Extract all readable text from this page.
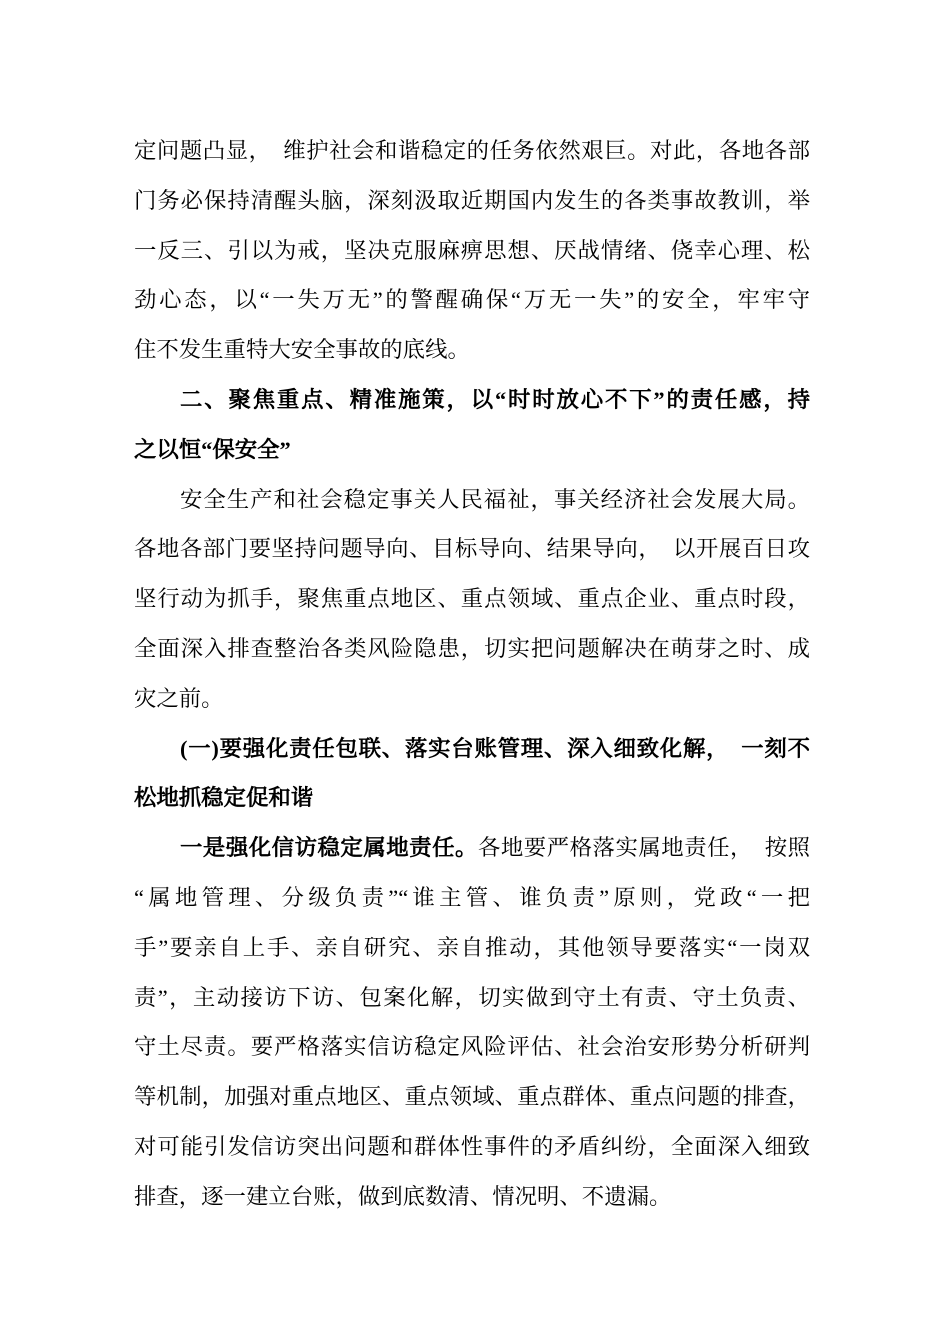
定问题凸显，　维护社会和谐稳定的任务依然艰巨。对此，各地各部
门务必保持清醒头脑，深刻汲取近期国内发生的各类事故教训，举
一反三、引以为戒，坚决克服麻痹思想、厌战情绪、侥幸心理、松
劲心态，以“一失万无”的警醒确保“万无一失”的安全，牢牢守
住不发生重特大安全事故的底线。
二、聚焦重点、精准施策，以“时时放心不下”的责任感，持
之以恒“保安全”
安全生产和社会稳定事关人民福祉，事关经济社会发展大局。
各地各部门要坚持问题导向、目标导向、结果导向，　以开展百日攻
坚行动为抓手，聚焦重点地区、重点领域、重点企业、重点时段，
全面深入排查整治各类风险隐患，切实把问题解决在萌芽之时、成
灾之前。
(一)要强化责任包联、落实台账管理、深入细致化解，　一刻不
松地抓稳定促和谐
一是强化信访稳定属地责任。各地要严格落实属地责任，　按照
“属地管理、分级负责”“谁主管、谁负责”原则，党政“一把
手”要亲自上手、亲自研究、亲自推动，其他领导要落实“一岗双
责”，主动接访下访、包案化解，切实做到守土有责、守土负责、
守土尽责。要严格落实信访稳定风险评估、社会治安形势分析研判
等机制，加强对重点地区、重点领域、重点群体、重点问题的排查，
对可能引发信访突出问题和群体性事件的矛盾纠纷，全面深入细致
排查，逐一建立台账，做到底数清、情况明、不遗漏。
